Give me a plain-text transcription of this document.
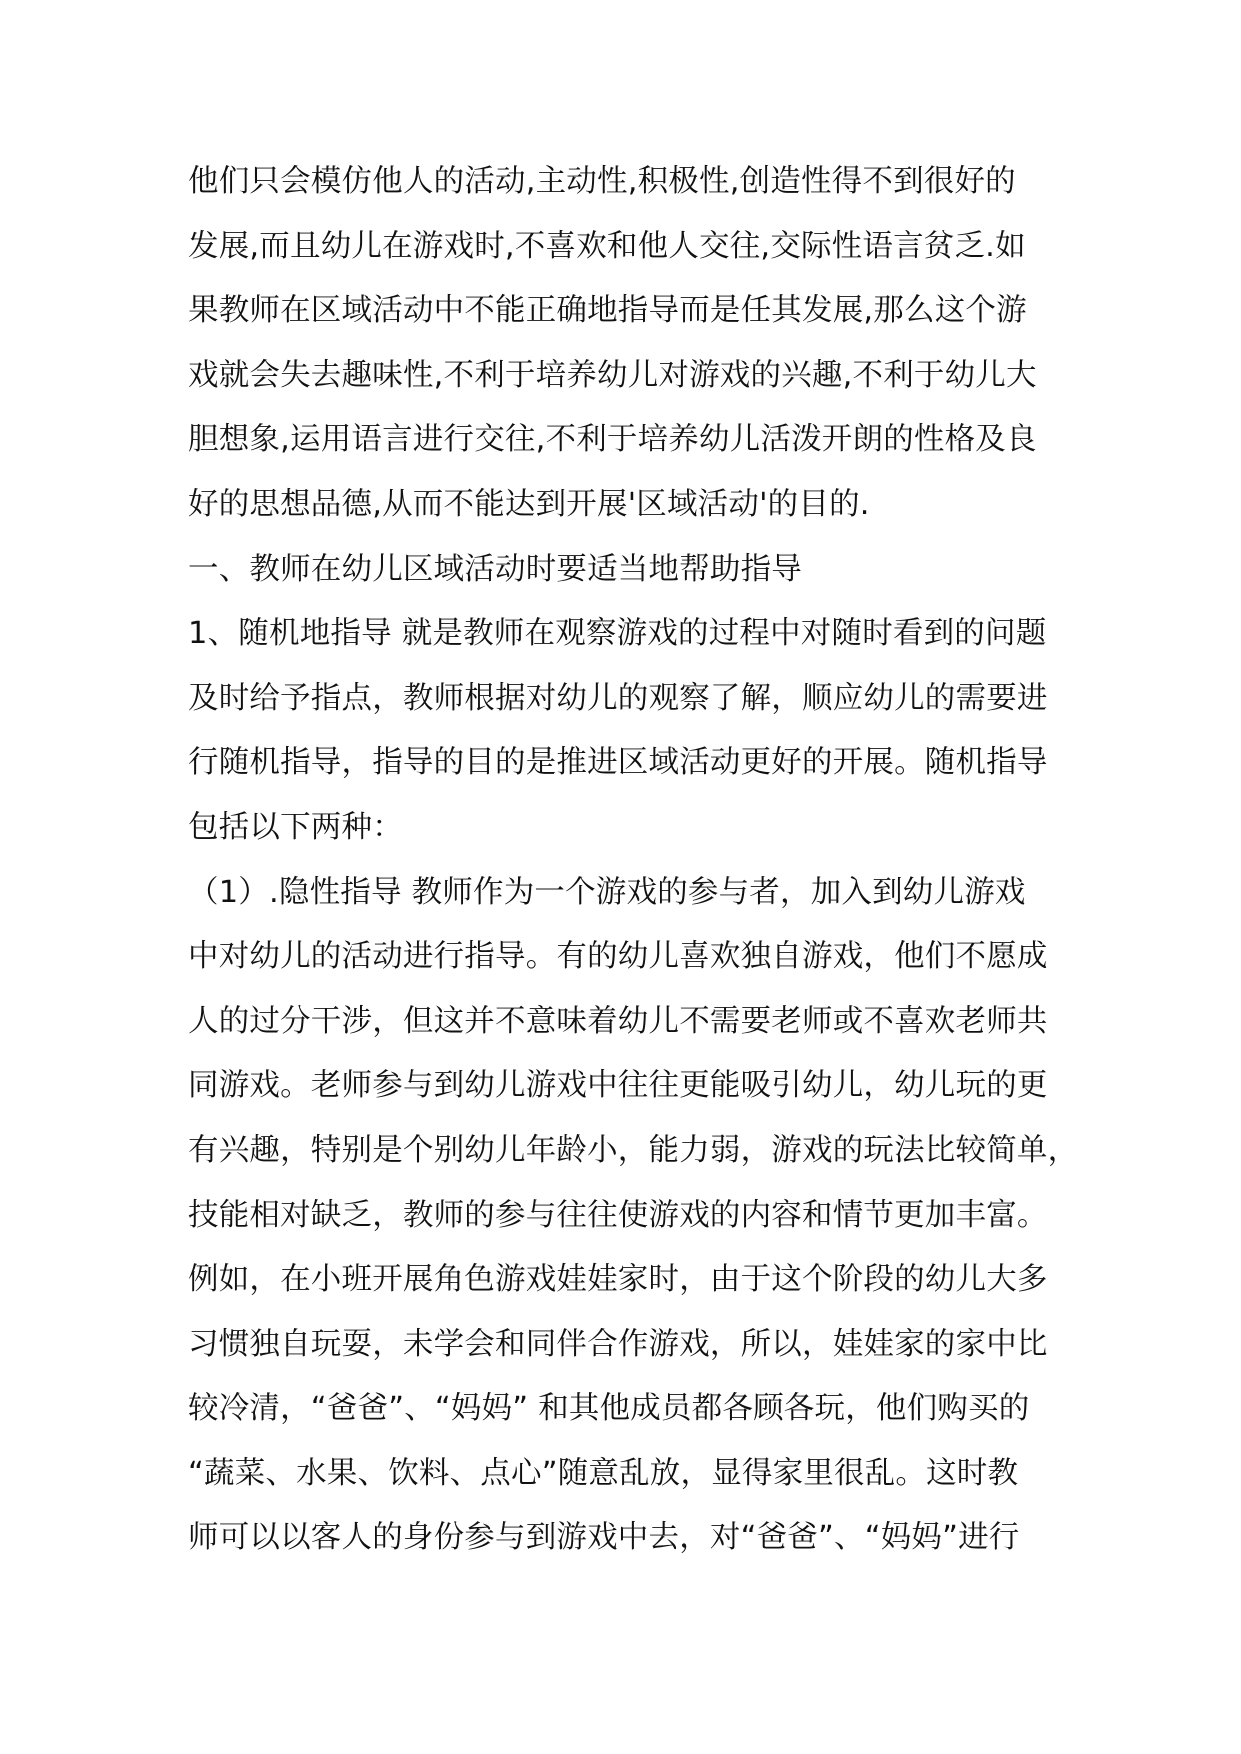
他们只会模仿他人的活动,主动性,积极性,创造性得不到很好的
发展,而且幼儿在游戏时,不喜欢和他人交往,交际性语言贫乏.如
果教师在区域活动中不能正确地指导而是任其发展,那么这个游
戏就会失去趣味性,不利于培养幼儿对游戏的兴趣,不利于幼儿大
胆想象,运用语言进行交往,不利于培养幼儿活泼开朗的性格及良
好的思想品德,从而不能达到开展'区域活动'的目的.
一、教师在幼儿区域活动时要适当地帮助指导
1、随机地指导 就是教师在观察游戏的过程中对随时看到的问题
及时给予指点，教师根据对幼儿的观察了解，顺应幼儿的需要进
行随机指导，指导的目的是推进区域活动更好的开展。随机指导
包括以下两种：
（1）.隐性指导 教师作为一个游戏的参与者，加入到幼儿游戏
中对幼儿的活动进行指导。有的幼儿喜欢独自游戏，他们不愿成
人的过分干涉，但这并不意味着幼儿不需要老师或不喜欢老师共
同游戏。老师参与到幼儿游戏中往往更能吸引幼儿，幼儿玩的更
有兴趣，特别是个别幼儿年龄小，能力弱，游戏的玩法比较简单，
技能相对缺乏，教师的参与往往使游戏的内容和情节更加丰富。
例如，在小班开展角色游戏娃娃家时，由于这个阶段的幼儿大多
习惯独自玩耍，未学会和同伴合作游戏，所以，娃娃家的家中比
较冷清，“爸爸”、“妈妈” 和其他成员都各顾各玩，他们购买的
“蔬菜、水果、饮料、点心”随意乱放，显得家里很乱。这时教
师可以以客人的身份参与到游戏中去，对“爸爸”、“妈妈”进行
